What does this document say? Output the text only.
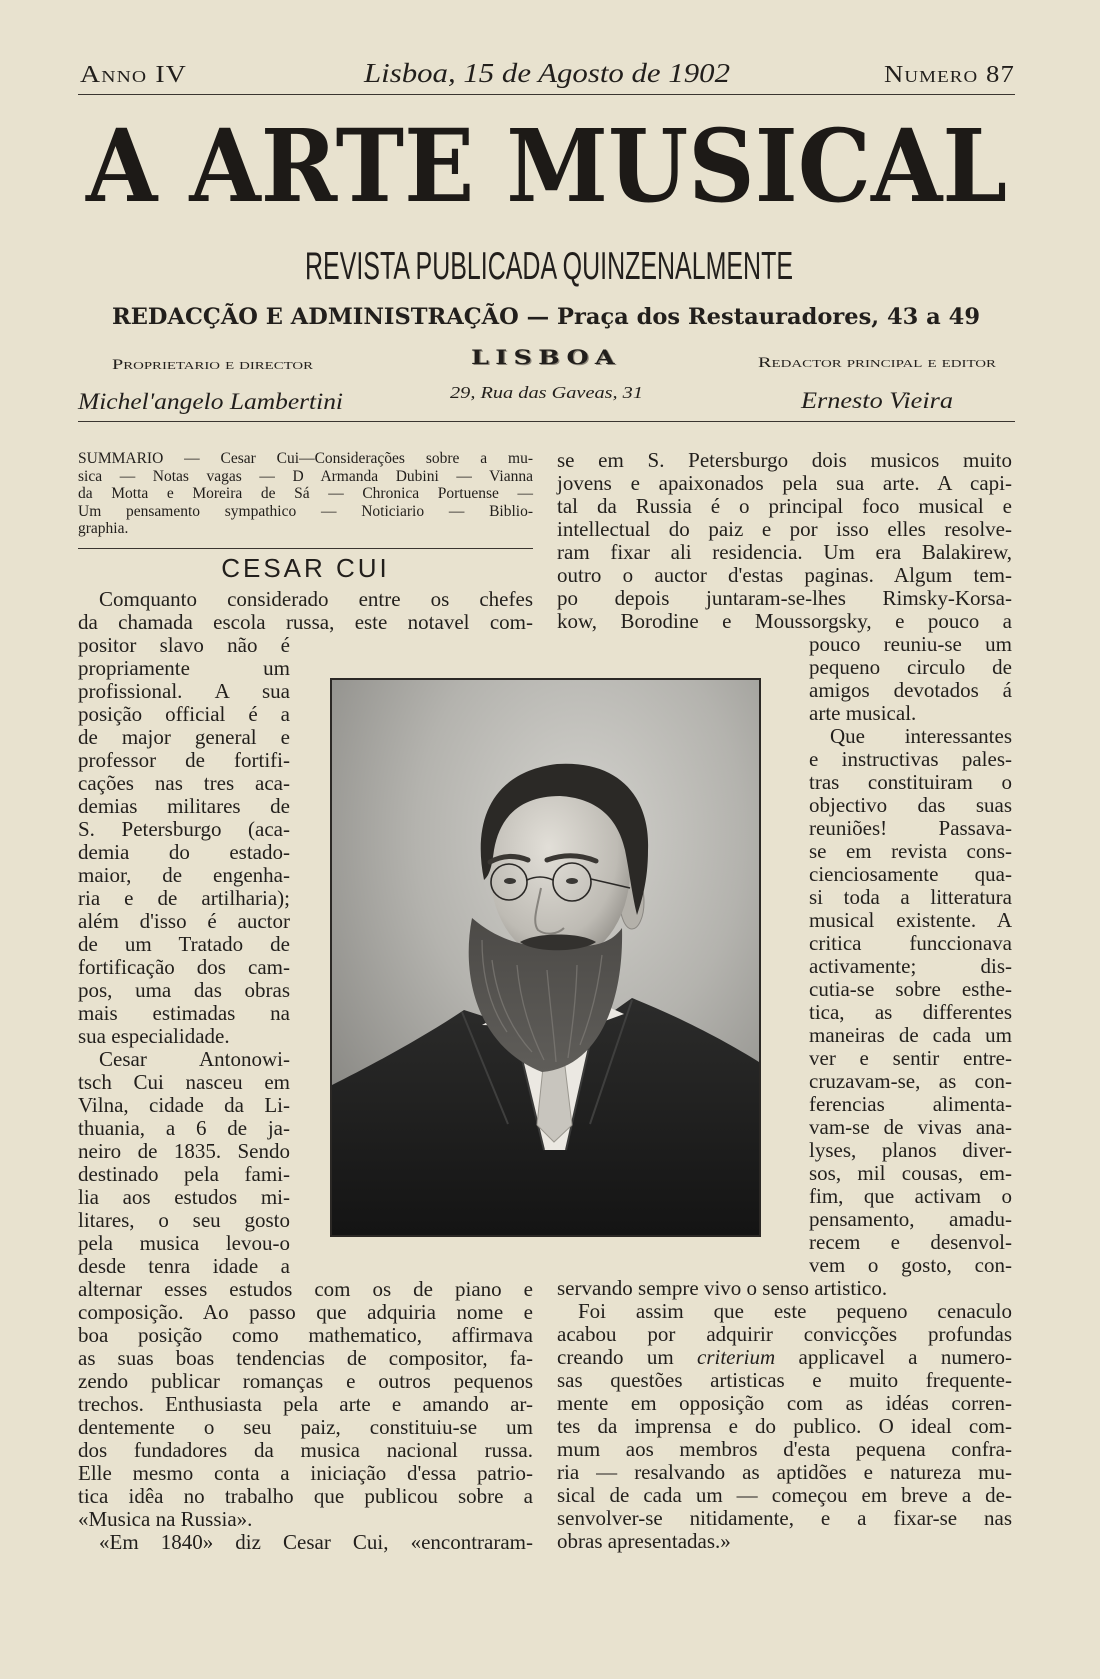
Anno IV	Lisboa, 15 de Agosto de 1902	Numero 87
A ARTE MUSICAL
REVISTA PUBLICADA QUINZENALMENTE
REDACÇÃO E ADMINISTRAÇÃO — Praça dos Restauradores, 43 a 49
Proprietario e director	LISBOA	Redactor principal e editor
Michel'angelo Lambertini	29, Rua das Gaveas, 31	Ernesto Vieira
SUMMARIO — Cesar Cui—Considerações sobre a mu-
sica — Notas vagas — D Armanda Dubini — Vianna
da Motta e Moreira de Sá — Chronica Portuense —
Um pensamento sympathico — Noticiario — Biblio-
graphia.
CESAR CUI
Comquanto considerado entre os chefes
da chamada escola russa, este notavel com-
positor slavo não é
propriamente um
profissional. A sua
posição official é a
de major general e
professor de fortifi-
cações nas tres aca-
demias militares de
S. Petersburgo (aca-
demia do estado-
maior, de engenha-
ria e de artilharia);
além d'isso é auctor
de um Tratado de
fortificação dos cam-
pos, uma das obras
mais estimadas na
sua especialidade.
Cesar Antonowi-
tsch Cui nasceu em
Vilna, cidade da Li-
thuania, a 6 de ja-
neiro de 1835. Sendo
destinado pela fami-
lia aos estudos mi-
litares, o seu gosto
pela musica levou-o
desde tenra idade a
alternar esses estudos com os de piano e
composição. Ao passo que adquiria nome e
boa posição como mathematico, affirmava
as suas boas tendencias de compositor, fa-
zendo publicar romanças e outros pequenos
trechos. Enthusiasta pela arte e amando ar-
dentemente o seu paiz, constituiu-se um
dos fundadores da musica nacional russa.
Elle mesmo conta a iniciação d'essa patrio-
tica idêa no trabalho que publicou sobre a
«Musica na Russia».
«Em 1840» diz Cesar Cui, «encontraram-
se em S. Petersburgo dois musicos muito
jovens e apaixonados pela sua arte. A capi-
tal da Russia é o principal foco musical e
intellectual do paiz e por isso elles resolve-
ram fixar ali residencia. Um era Balakirew,
outro o auctor d'estas paginas. Algum tem-
po depois juntaram-se-lhes Rimsky-Korsa-
kow, Borodine e Moussorgsky, e pouco a
pouco reuniu-se um
pequeno circulo de
amigos devotados á
arte musical.
Que interessantes
e instructivas pales-
tras constituiram o
objectivo das suas
reuniões! Passava-
se em revista cons-
cienciosamente qua-
si toda a litteratura
musical existente. A
critica funccionava
activamente; dis-
cutia-se sobre esthe-
tica, as differentes
maneiras de cada um
ver e sentir entre-
cruzavam-se, as con-
ferencias alimenta-
vam-se de vivas ana-
lyses, planos diver-
sos, mil cousas, em-
fim, que activam o
pensamento, amadu-
recem e desenvol-
vem o gosto, con-
servando sempre vivo o senso artistico.
Foi assim que este pequeno cenaculo
acabou por adquirir convicções profundas
creando um criterium applicavel a numero-
sas questões artisticas e muito frequente-
mente em opposição com as idéas corren-
tes da imprensa e do publico. O ideal com-
mum aos membros d'esta pequena confra-
ria — resalvando as aptidões e natureza mu-
sical de cada um — começou em breve a de-
senvolver-se nitidamente, e a fixar-se nas
obras apresentadas.»
